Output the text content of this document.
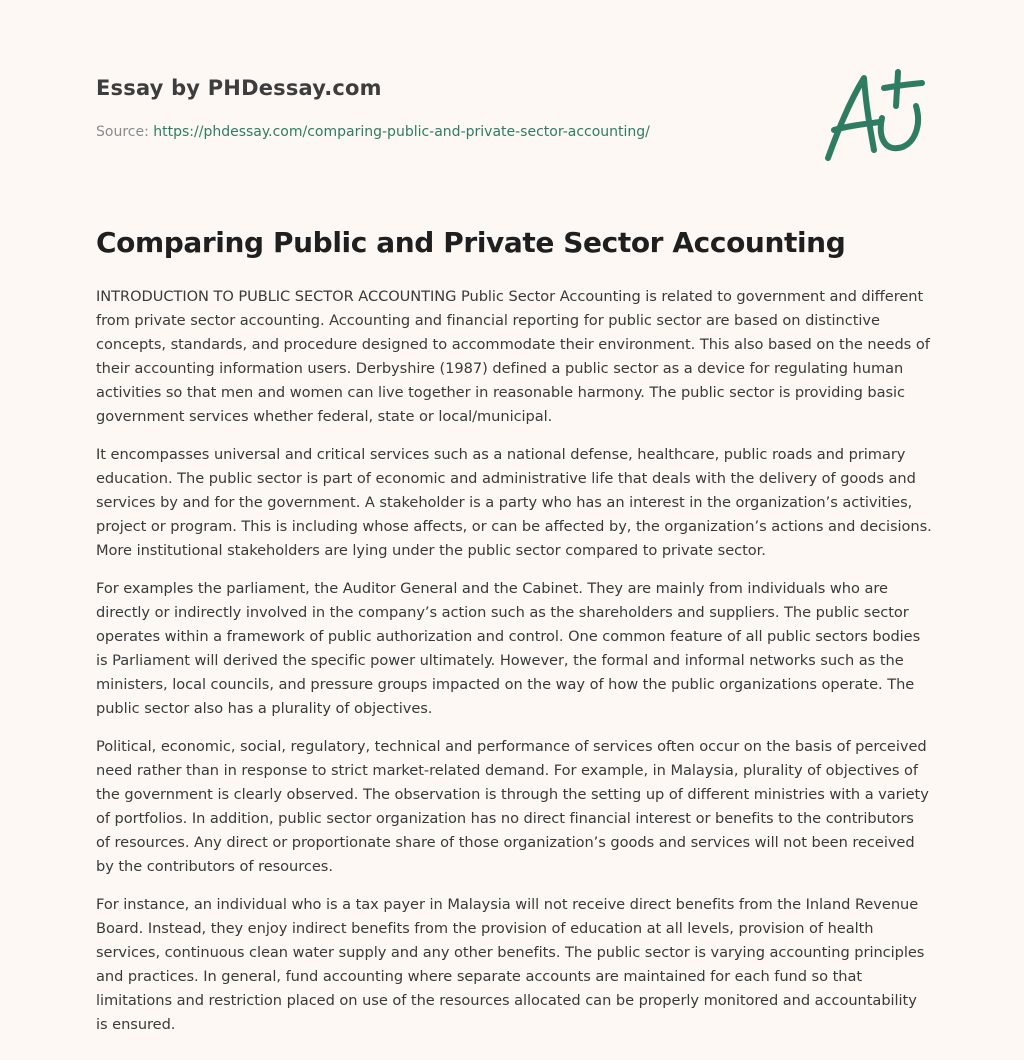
Essay by PHDessay.com
Source: https://phdessay.com/comparing-public-and-private-sector-accounting/
Comparing Public and Private Sector Accounting

INTRODUCTION TO PUBLIC SECTOR ACCOUNTING Public Sector Accounting is related to government and different from private sector accounting. Accounting and financial reporting for public sector are based on distinctive concepts, standards, and procedure designed to accommodate their environment. This also based on the needs of their accounting information users. Derbyshire (1987) defined a public sector as a device for regulating human activities so that men and women can live together in reasonable harmony. The public sector is providing basic government services whether federal, state or local/municipal.

It encompasses universal and critical services such as a national defense, healthcare, public roads and primary education. The public sector is part of economic and administrative life that deals with the delivery of goods and services by and for the government. A stakeholder is a party who has an interest in the organization’s activities, project or program. This is including whose affects, or can be affected by, the organization’s actions and decisions. More institutional stakeholders are lying under the public sector compared to private sector.

For examples the parliament, the Auditor General and the Cabinet. They are mainly from individuals who are directly or indirectly involved in the company’s action such as the shareholders and suppliers. The public sector operates within a framework of public authorization and control. One common feature of all public sectors bodies is Parliament will derived the specific power ultimately. However, the formal and informal networks such as the ministers, local councils, and pressure groups impacted on the way of how the public organizations operate. The public sector also has a plurality of objectives.

Political, economic, social, regulatory, technical and performance of services often occur on the basis of perceived need rather than in response to strict market-related demand. For example, in Malaysia, plurality of objectives of the government is clearly observed. The observation is through the setting up of different ministries with a variety of portfolios. In addition, public sector organization has no direct financial interest or benefits to the contributors of resources. Any direct or proportionate share of those organization’s goods and services will not been received by the contributors of resources.

For instance, an individual who is a tax payer in Malaysia will not receive direct benefits from the Inland Revenue Board. Instead, they enjoy indirect benefits from the provision of education at all levels, provision of health services, continuous clean water supply and any other benefits. The public sector is varying accounting principles and practices. In general, fund accounting where separate accounts are maintained for each fund so that limitations and restriction placed on use of the resources allocated can be properly monitored and accountability is ensured.
